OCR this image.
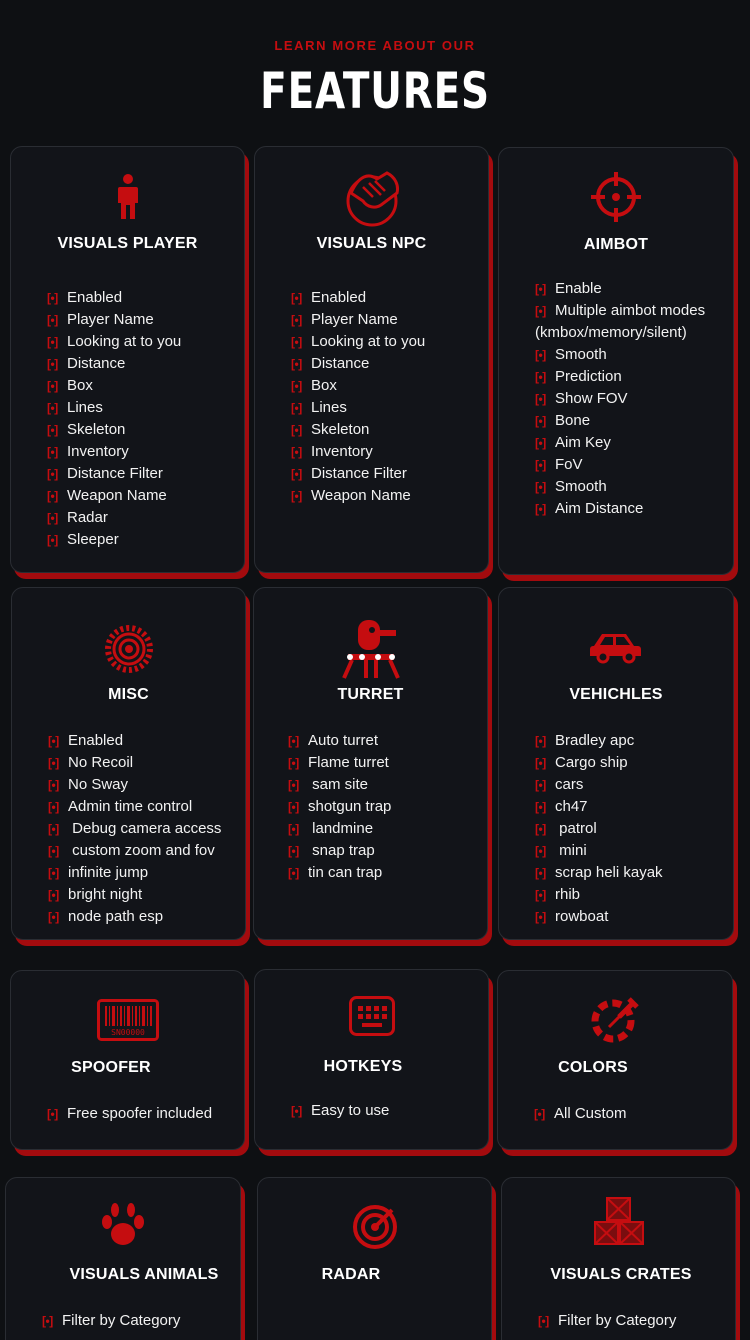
LEARN MORE ABOUT OUR
FEATURES
VISUALS PLAYER
[•] Enabled
[•] Player Name
[•] Looking at to you
[•] Distance
[•] Box
[•] Lines
[•] Skeleton
[•] Inventory
[•] Distance Filter
[•] Weapon Name
[•] Radar
[•] Sleeper
VISUALS NPC
[•] Enabled
[•] Player Name
[•] Looking at to you
[•] Distance
[•] Box
[•] Lines
[•] Skeleton
[•] Inventory
[•] Distance Filter
[•] Weapon Name
AIMBOT
[•] Enable
[•] Multiple aimbot modes (kmbox/memory/silent)
[•] Smooth
[•] Prediction
[•] Show FOV
[•] Bone
[•] Aim Key
[•] FoV
[•] Smooth
[•] Aim Distance
MISC
[•] Enabled
[•] No Recoil
[•] No Sway
[•] Admin time control
[•] Debug camera access
[•] custom zoom and fov
[•] infinite jump
[•] bright night
[•] node path esp
TURRET
[•] Auto turret
[•] Flame turret
[•] sam site
[•] shotgun trap
[•] landmine
[•] snap trap
[•] tin can trap
VEHICHLES
[•] Bradley apc
[•] Cargo ship
[•] cars
[•] ch47
[•] patrol
[•] mini
[•] scrap heli kayak
[•] rhib
[•] rowboat
SN00000
SPOOFER
[•] Free spoofer included
HOTKEYS
[•] Easy to use
COLORS
[•] All Custom
VISUALS ANIMALS
[•] Filter by Category
RADAR	VISUALS CRATES
[•] Filter by Category
